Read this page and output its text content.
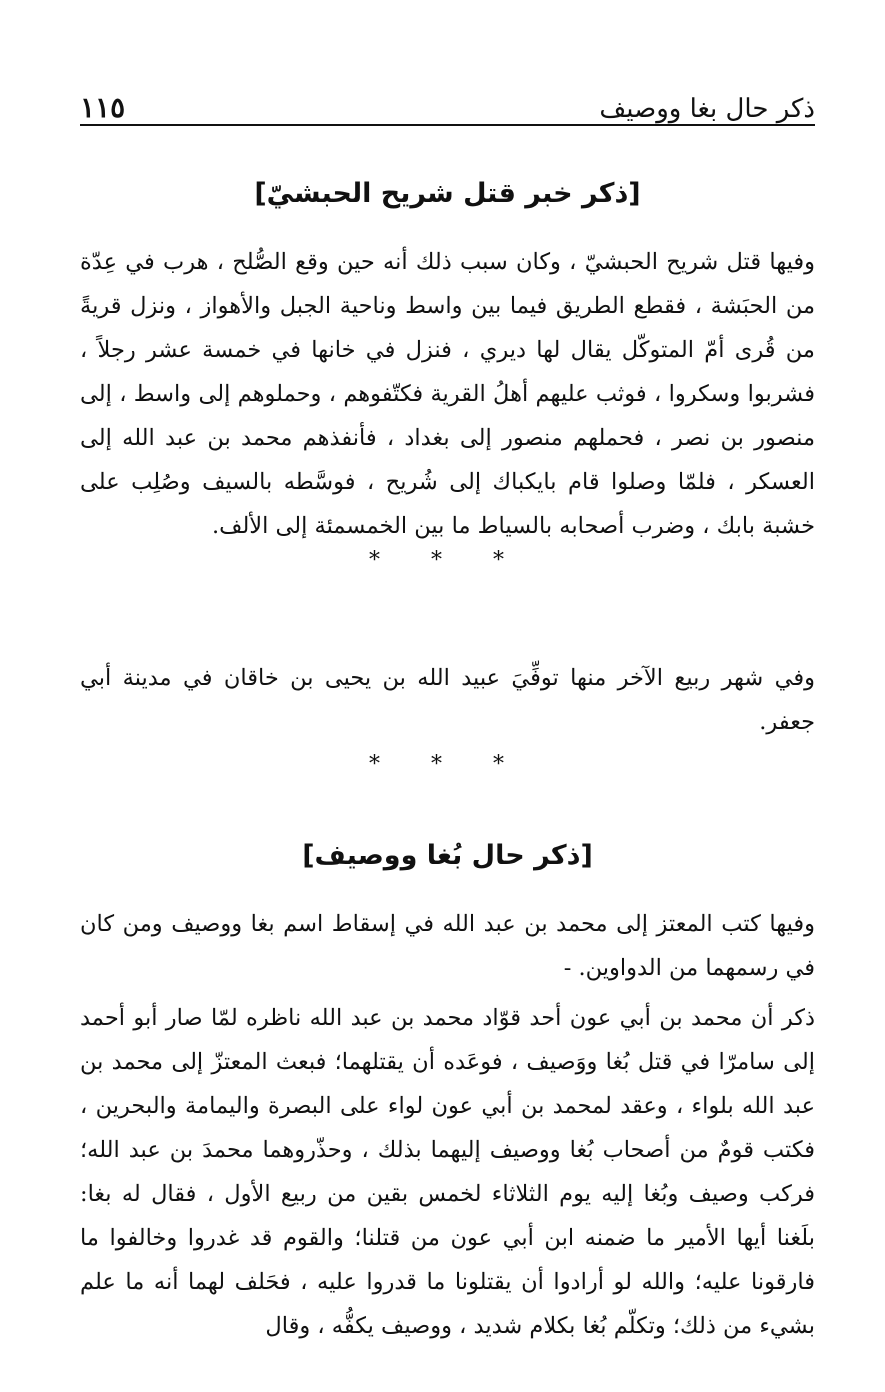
١١٥	ذكر حال بغا ووصيف
[ذكر خبر قتل شريح الحبشيّ]
وفيها قتل شريح الحبشيّ ، وكان سبب ذلك أنه حين وقع الصُّلح ، هرب في عِدّة من الحبَشة ، فقطع الطريق فيما بين واسط وناحية الجبل والأهواز ، ونزل قريةً من قُرى أمّ المتوكّل يقال لها ديري ، فنزل في خانها في خمسة عشر رجلاً ، فشربوا وسكروا ، فوثب عليهم أهلُ القرية فكتّفوهم ، وحملوهم إلى واسط ، إلى منصور بن نصر ، فحملهم منصور إلى بغداد ، فأنفذهم محمد بن عبد الله إلى العسكر ، فلمّا وصلوا قام بايكباك إلى شُريح ، فوسَّطه بالسيف وصُلِب على خشبة بابك ، وضرب أصحابه بالسياط ما بين الخمسمئة إلى الألف.
* * *
وفي شهر ربيع الآخر منها توفِّيَ عبيد الله بن يحيى بن خاقان في مدينة أبي جعفر.
* * *
[ذكر حال بُغا ووصيف]
وفيها كتب المعتز إلى محمد بن عبد الله في إسقاط اسم بغا ووصيف ومن كان في رسمهما من الدواوين. -
ذكر أن محمد بن أبي عون أحد قوّاد محمد بن عبد الله ناظره لمّا صار أبو أحمد إلى سامرّا في قتل بُغا ووَصيف ، فوعَده أن يقتلهما؛ فبعث المعتزّ إلى محمد بن عبد الله بلواء ، وعقد لمحمد بن أبي عون لواء على البصرة واليمامة والبحرين ، فكتب قومٌ من أصحاب بُغا ووصيف إليهما بذلك ، وحذّروهما محمدَ بن عبد الله؛ فركب وصيف وبُغا إليه يوم الثلاثاء لخمس بقين من ربيع الأول ، فقال له بغا: بلَغنا أيها الأمير ما ضمنه ابن أبي عون من قتلنا؛ والقوم قد غدروا وخالفوا ما فارقونا عليه؛ والله لو أرادوا أن يقتلونا ما قدروا عليه ، فحَلف لهما أنه ما علم بشيء من ذلك؛ وتكلّم بُغا بكلام شديد ، ووصيف يكفُّه ، وقال
